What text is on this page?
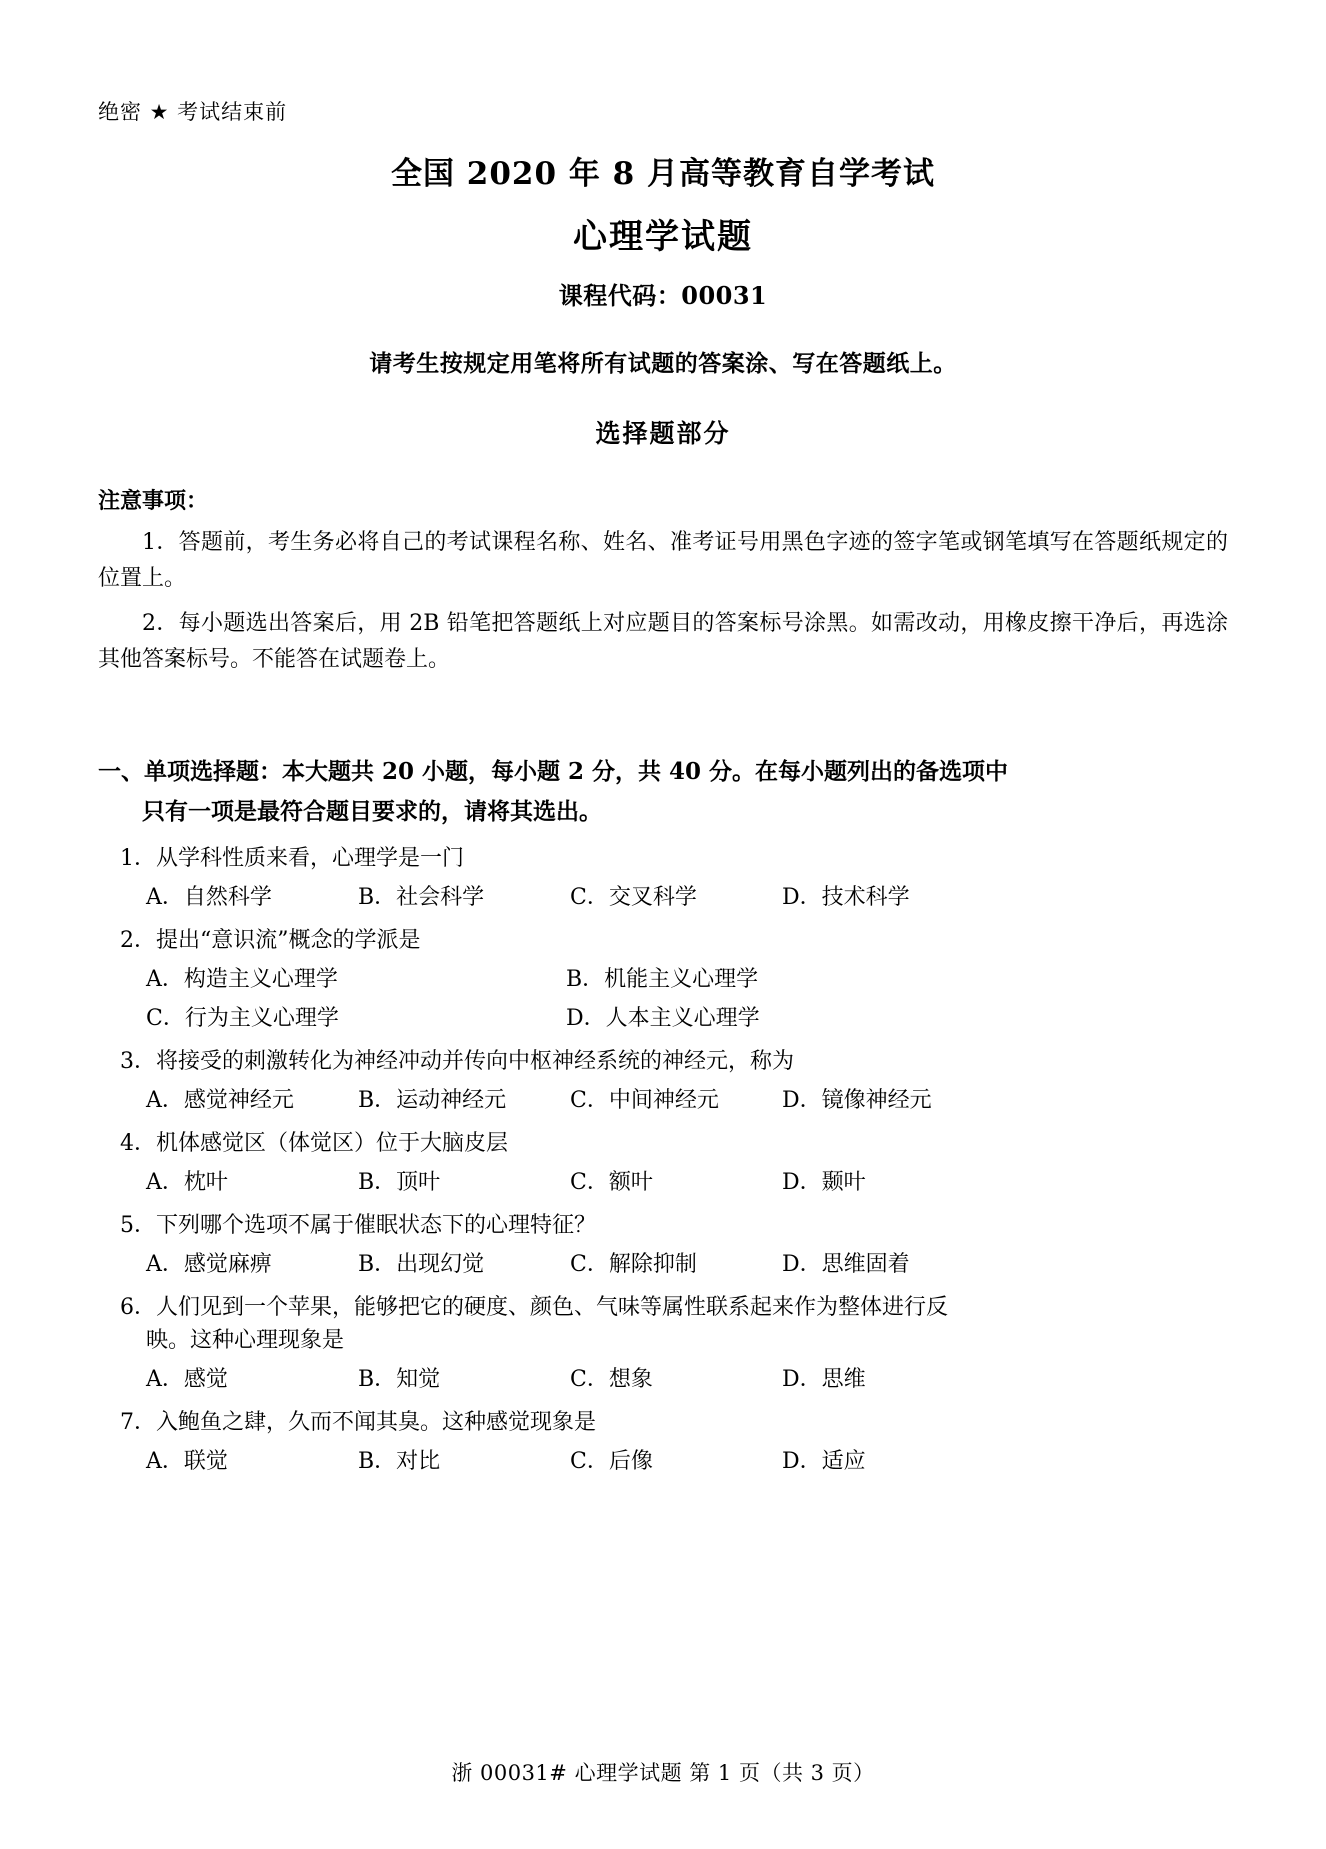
绝密 ★ 考试结束前
全国 2020 年 8 月高等教育自学考试
心理学试题
课程代码：00031
请考生按规定用笔将所有试题的答案涂、写在答题纸上。
选择题部分
注意事项：
1．答题前，考生务必将自己的考试课程名称、姓名、准考证号用黑色字迹的签字笔或钢笔填写在答题纸规定的位置上。
2．每小题选出答案后，用 2B 铅笔把答题纸上对应题目的答案标号涂黑。如需改动，用橡皮擦干净后，再选涂其他答案标号。不能答在试题卷上。
一、单项选择题：本大题共 20 小题，每小题 2 分，共 40 分。在每小题列出的备选项中
只有一项是最符合题目要求的，请将其选出。
1．从学科性质来看，心理学是一门
A．自然科学	B．社会科学	C．交叉科学	D．技术科学
2．提出“意识流”概念的学派是
A．构造主义心理学	B．机能主义心理学
C．行为主义心理学	D．人本主义心理学
3．将接受的刺激转化为神经冲动并传向中枢神经系统的神经元，称为
A．感觉神经元	B．运动神经元	C．中间神经元	D．镜像神经元
4．机体感觉区（体觉区）位于大脑皮层
A．枕叶	B．顶叶	C．额叶	D．颞叶
5．下列哪个选项不属于催眠状态下的心理特征？
A．感觉麻痹	B．出现幻觉	C．解除抑制	D．思维固着
6．人们见到一个苹果，能够把它的硬度、颜色、气味等属性联系起来作为整体进行反
映。这种心理现象是
A．感觉	B．知觉	C．想象	D．思维
7．入鲍鱼之肆，久而不闻其臭。这种感觉现象是
A．联觉	B．对比	C．后像	D．适应
浙 00031# 心理学试题 第 1 页（共 3 页）
